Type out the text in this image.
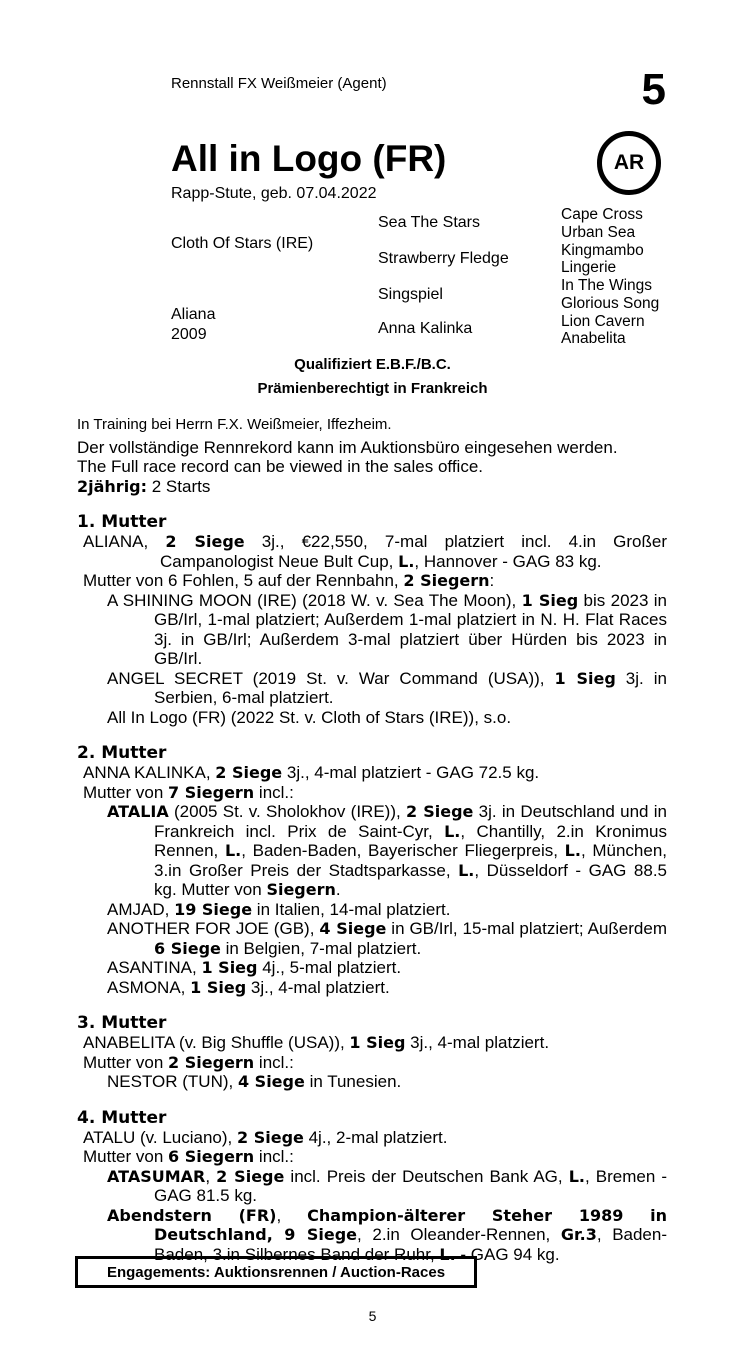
Rennstall FX Weißmeier (Agent)	5
All in Logo (FR)	AR
Rapp-Stute, geb. 07.04.2022
Cloth Of Stars (IRE)
Aliana
2009
Sea The Stars
Strawberry Fledge
Singspiel
Anna Kalinka
Cape Cross
Urban Sea
Kingmambo
Lingerie
In The Wings
Glorious Song
Lion Cavern
Anabelita
Qualifiziert E.B.F./B.C.
Prämienberechtigt in Frankreich
In Training bei Herrn F.X. Weißmeier, Iffezheim.
Der vollständige Rennrekord kann im Auktionsbüro eingesehen werden.
The Full race record can be viewed in the sales office.
2jährig: 2 Starts
1. Mutter
ALIANA, 2 Siege 3j., €22,550, 7-mal platziert incl. 4.in Großer Campanologist Neue Bult Cup, L., Hannover - GAG 83 kg.
Mutter von 6 Fohlen, 5 auf der Rennbahn, 2 Siegern:
A SHINING MOON (IRE) (2018 W. v. Sea The Moon), 1 Sieg bis 2023 in GB/Irl, 1-mal platziert; Außerdem 1-mal platziert in N. H. Flat Races 3j. in GB/Irl; Außerdem 3-mal platziert über Hürden bis 2023 in GB/Irl.
ANGEL SECRET (2019 St. v. War Command (USA)), 1 Sieg 3j. in Serbien, 6-mal platziert.
All In Logo (FR) (2022 St. v. Cloth of Stars (IRE)), s.o.
2. Mutter
ANNA KALINKA, 2 Siege 3j., 4-mal platziert - GAG 72.5 kg.
Mutter von 7 Siegern incl.:
ATALIA (2005 St. v. Sholokhov (IRE)), 2 Siege 3j. in Deutschland und in Frankreich incl. Prix de Saint-Cyr, L., Chantilly, 2.in Kronimus Rennen, L., Baden-Baden, Bayerischer Fliegerpreis, L., München, 3.in Großer Preis der Stadtsparkasse, L., Düsseldorf - GAG 88.5 kg. Mutter von Siegern.
AMJAD, 19 Siege in Italien, 14-mal platziert.
ANOTHER FOR JOE (GB), 4 Siege in GB/Irl, 15-mal platziert; Außerdem 6 Siege in Belgien, 7-mal platziert.
ASANTINA, 1 Sieg 4j., 5-mal platziert.
ASMONA, 1 Sieg 3j., 4-mal platziert.
3. Mutter
ANABELITA (v. Big Shuffle (USA)), 1 Sieg 3j., 4-mal platziert.
Mutter von 2 Siegern incl.:
NESTOR (TUN), 4 Siege in Tunesien.
4. Mutter
ATALU (v. Luciano), 2 Siege 4j., 2-mal platziert.
Mutter von 6 Siegern incl.:
ATASUMAR, 2 Siege incl. Preis der Deutschen Bank AG, L., Bremen - GAG 81.5 kg.
Abendstern (FR), Champion-älterer Steher 1989 in Deutschland, 9 Siege, 2.in Oleander-Rennen, Gr.3, Baden-Baden, 3.in Silbernes Band der Ruhr, L. - GAG 94 kg.
Engagements: Auktionsrennen / Auction-Races
5
